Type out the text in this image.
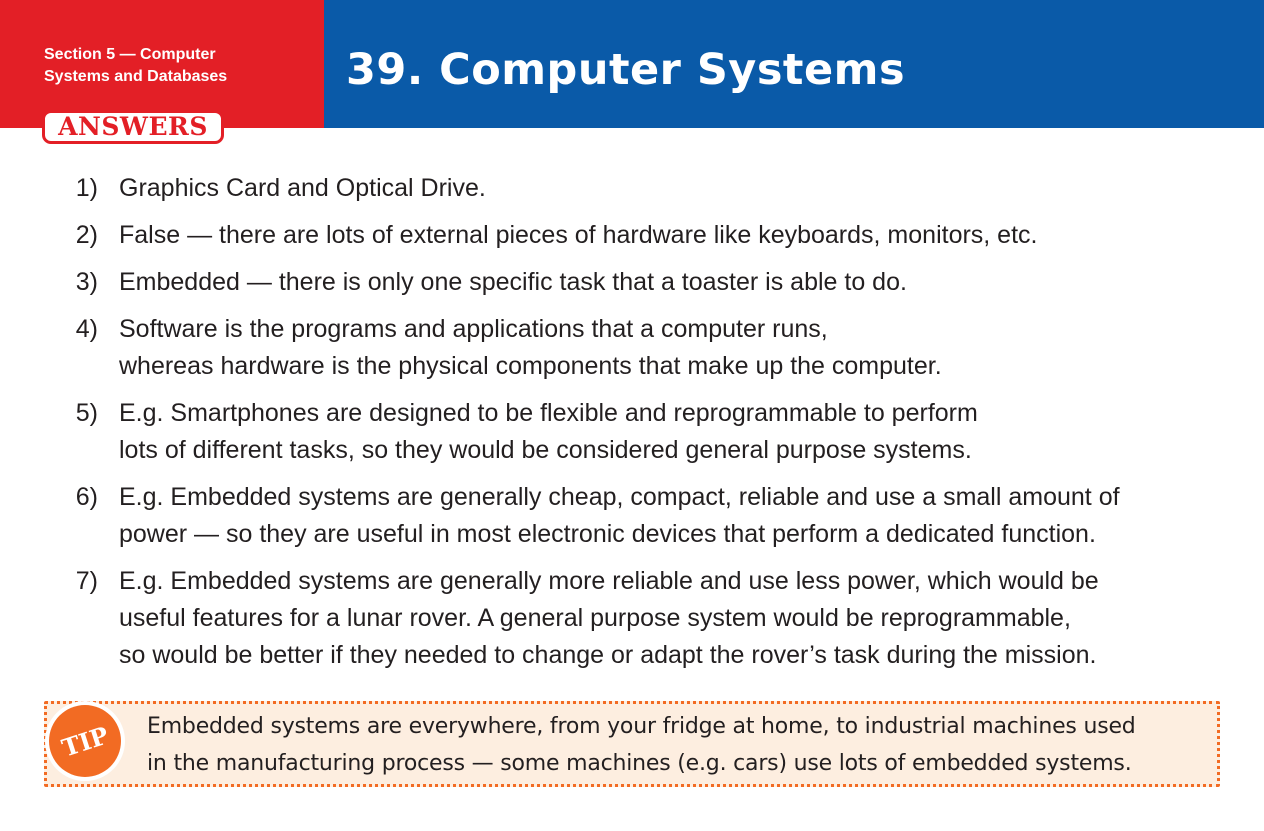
Section 5 — Computer
Systems and Databases	39. Computer Systems
ANSWERS
1) Graphics Card and Optical Drive.
2) False — there are lots of external pieces of hardware like keyboards, monitors, etc.
3) Embedded — there is only one specific task that a toaster is able to do.
4) Software is the programs and applications that a computer runs,
whereas hardware is the physical components that make up the computer.
5) E.g. Smartphones are designed to be flexible and reprogrammable to perform
lots of different tasks, so they would be considered general purpose systems.
6) E.g. Embedded systems are generally cheap, compact, reliable and use a small amount of
power — so they are useful in most electronic devices that perform a dedicated function.
7) E.g. Embedded systems are generally more reliable and use less power, which would be
useful features for a lunar rover. A general purpose system would be reprogrammable,
so would be better if they needed to change or adapt the rover’s task during the mission.
TIP Embedded systems are everywhere, from your fridge at home, to industrial machines used
in the manufacturing process — some machines (e.g. cars) use lots of embedded systems.
